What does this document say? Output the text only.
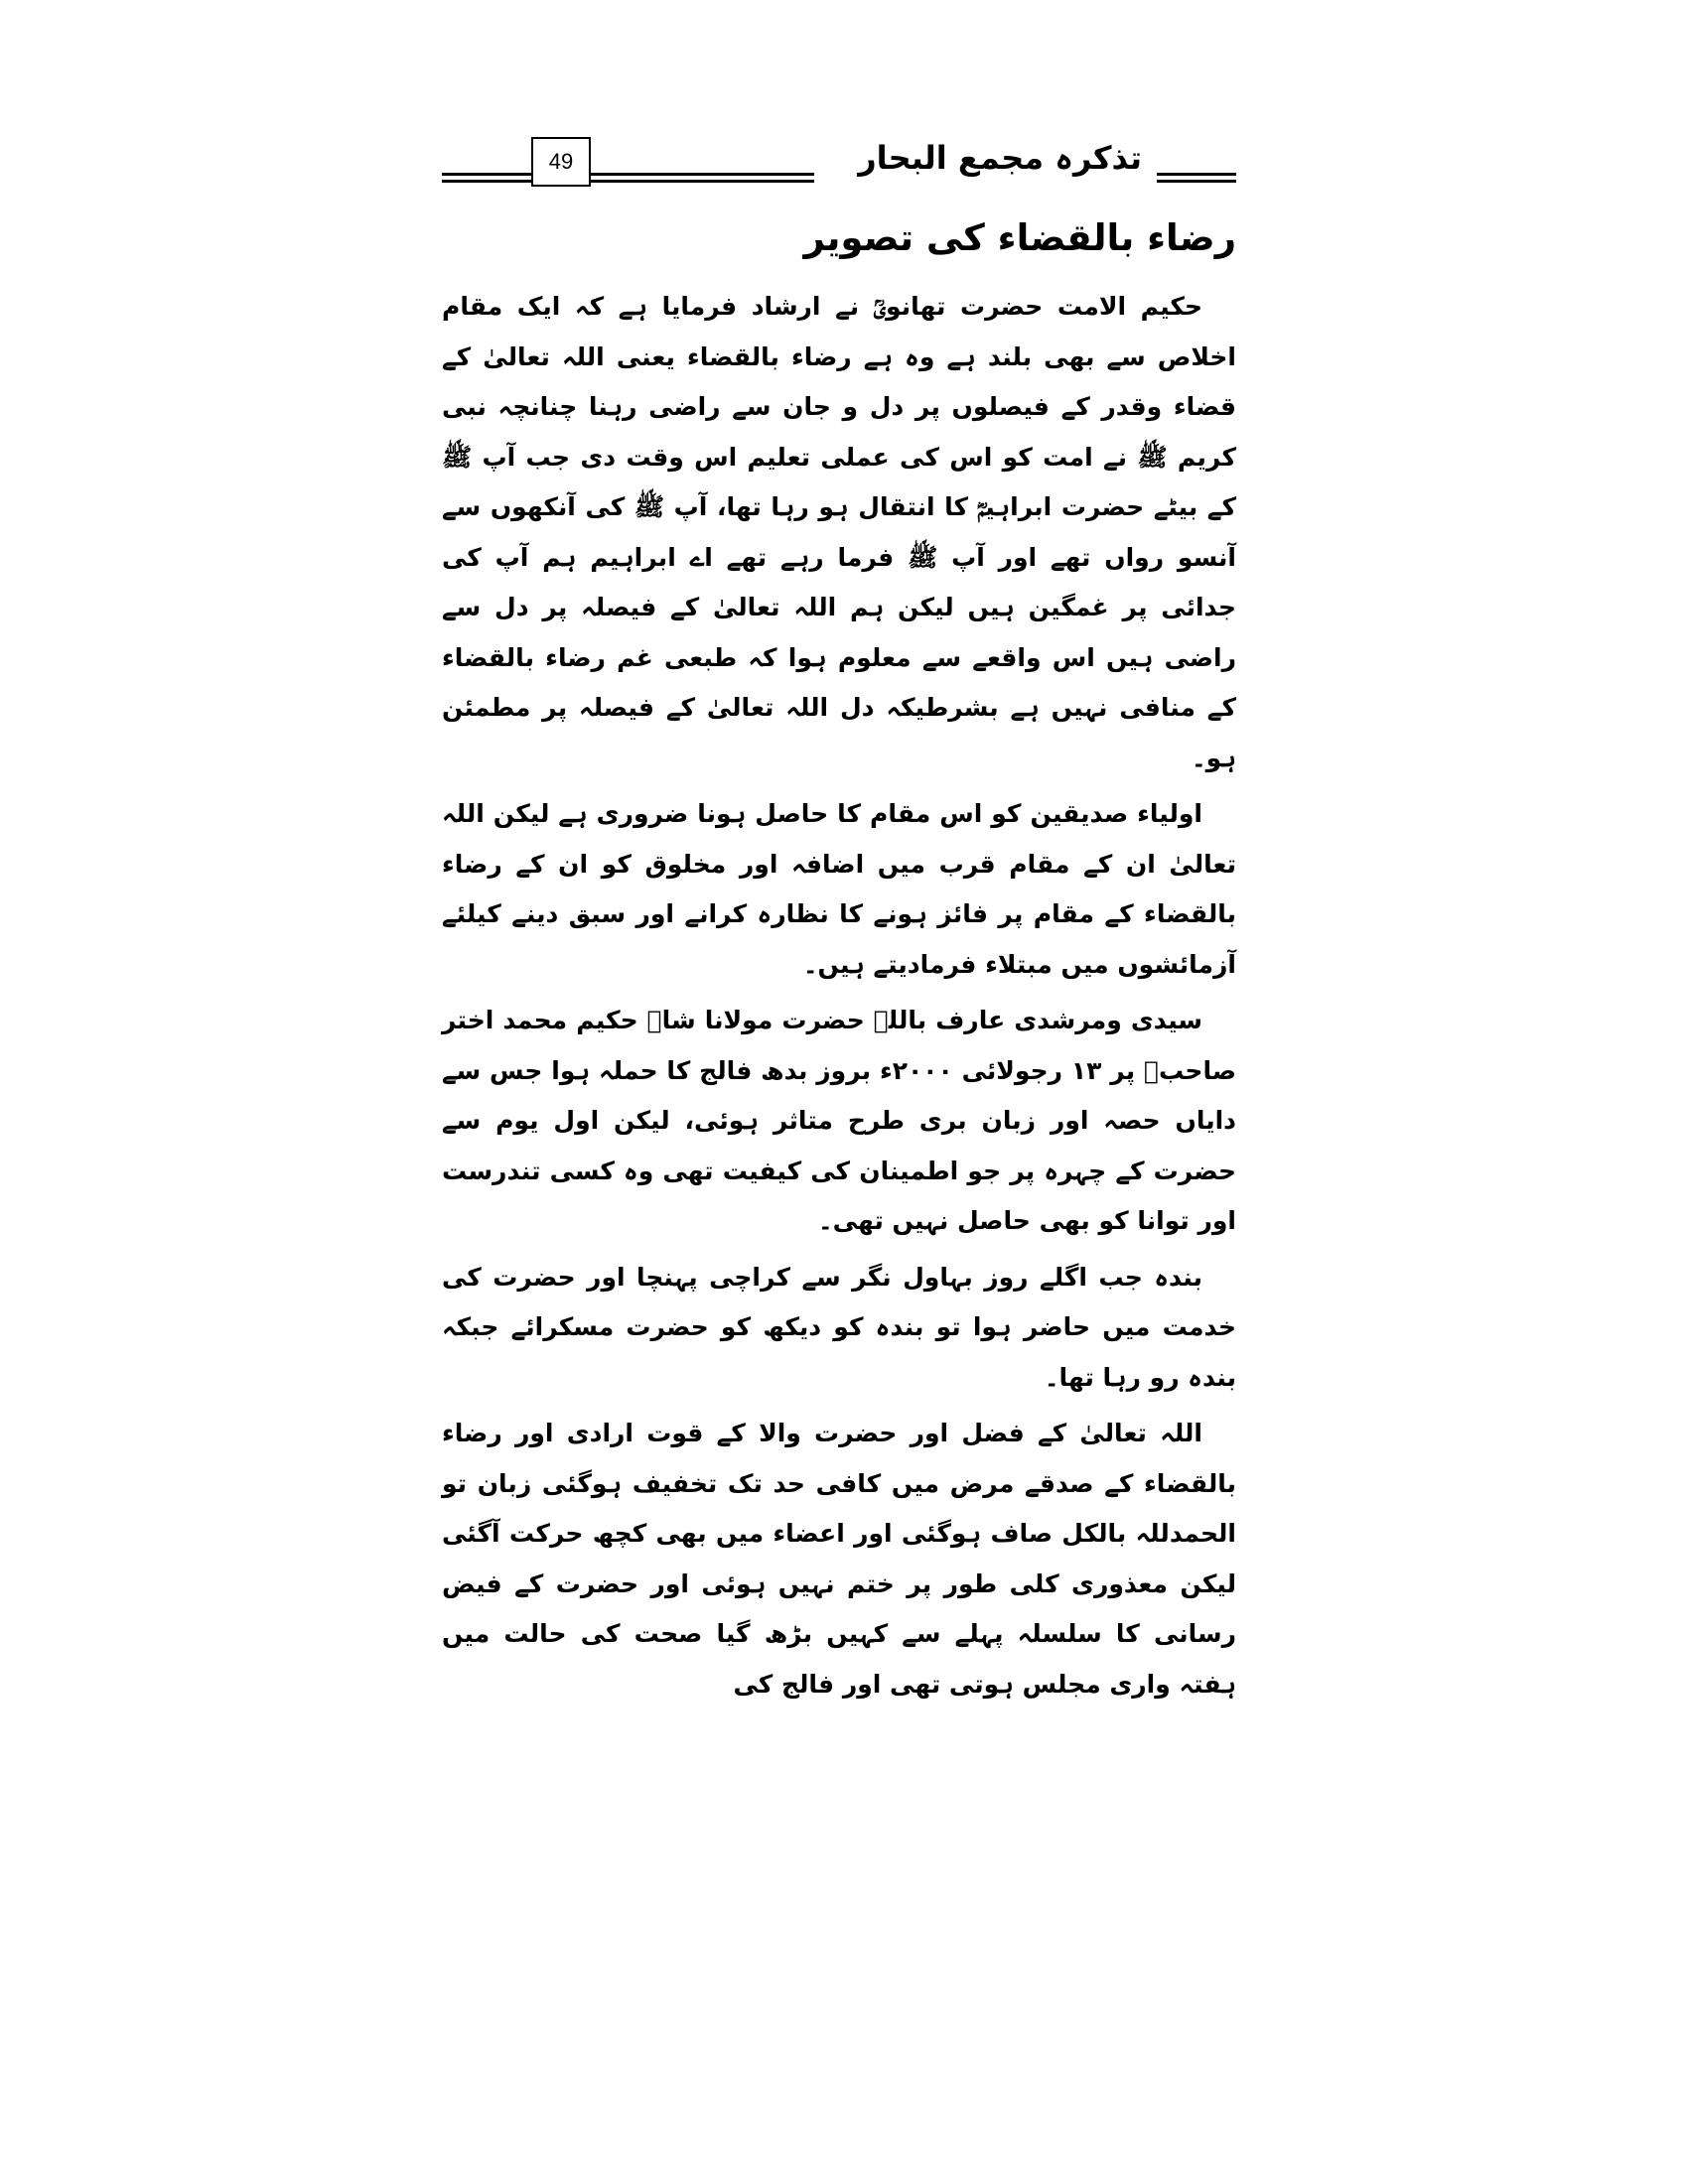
49	تذکرہ مجمع البحار
رضاء بالقضاء کی تصویر

حکیم الامت حضرت تھانویؒ نے ارشاد فرمایا ہے کہ ایک مقام اخلاص سے بھی بلند ہے وہ ہے رضاء بالقضاء یعنی اللہ تعالیٰ کے قضاء وقدر کے فیصلوں پر دل و جان سے راضی رہنا چنانچہ نبی کریم ﷺ نے امت کو اس کی عملی تعلیم اس وقت دی جب آپ ﷺ کے بیٹے حضرت ابراہیمؓ کا انتقال ہو رہا تھا، آپ ﷺ کی آنکھوں سے آنسو رواں تھے اور آپ ﷺ فرما رہے تھے اے ابراہیم ہم آپ کی جدائی پر غمگین ہیں لیکن ہم اللہ تعالیٰ کے فیصلہ پر دل سے راضی ہیں اس واقعے سے معلوم ہوا کہ طبعی غم رضاء بالقضاء کے منافی نہیں ہے بشرطیکہ دل اللہ تعالیٰ کے فیصلہ پر مطمئن ہو۔

اولیاء صدیقین کو اس مقام کا حاصل ہونا ضروری ہے لیکن اللہ تعالیٰ ان کے مقام قرب میں اضافہ اور مخلوق کو ان کے رضاء بالقضاء کے مقام پر فائز ہونے کا نظارہ کرانے اور سبق دینے کیلئے آزمائشوں میں مبتلاء فرمادیتے ہیں۔

سیدی ومرشدی عارف باللہ حضرت مولانا شاہ حکیم محمد اختر صاحبؒ پر ۱۳ رجولائی ۲۰۰۰ء بروز بدھ فالج کا حملہ ہوا جس سے دایاں حصہ اور زبان بری طرح متاثر ہوئی، لیکن اول یوم سے حضرت کے چہرہ پر جو اطمینان کی کیفیت تھی وہ کسی تندرست اور توانا کو بھی حاصل نہیں تھی۔

بندہ جب اگلے روز بہاول نگر سے کراچی پہنچا اور حضرت کی خدمت میں حاضر ہوا تو بندہ کو دیکھ کو حضرت مسکرائے جبکہ بندہ رو رہا تھا۔

اللہ تعالیٰ کے فضل اور حضرت والا کے قوت ارادی اور رضاء بالقضاء کے صدقے مرض میں کافی حد تک تخفیف ہوگئی زبان تو الحمدللہ بالکل صاف ہوگئی اور اعضاء میں بھی کچھ حرکت آگئی لیکن معذوری کلی طور پر ختم نہیں ہوئی اور حضرت کے فیض رسانی کا سلسلہ پہلے سے کہیں بڑھ گیا صحت کی حالت میں ہفتہ واری مجلس ہوتی تھی اور فالج کی
